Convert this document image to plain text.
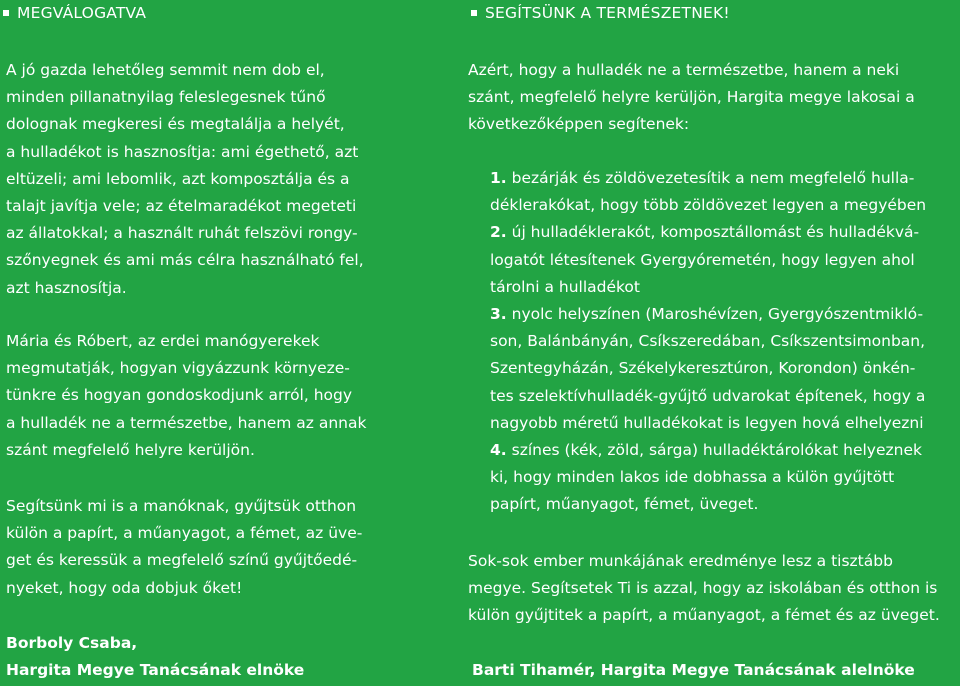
MEGVÁLOGATVA

A jó gazda lehetőleg semmit nem dob el,
minden pillanatnyilag feleslegesnek tűnő
dolognak megkeresi és megtalálja a helyét,
a hulladékot is hasznosítja: ami égethető, azt
eltüzeli; ami lebomlik, azt komposztálja és a
talajt javítja vele; az ételmaradékot megeteti
az állatokkal; a használt ruhát felszövi rongy-
szőnyegnek és ami más célra használható fel,
azt hasznosítja.

Mária és Róbert, az erdei manógyerekek
megmutatják, hogyan vigyázzunk környeze-
tünkre és hogyan gondoskodjunk arról, hogy
a hulladék ne a természetbe, hanem az annak
szánt megfelelő helyre kerüljön.

Segítsünk mi is a manóknak, gyűjtsük otthon
külön a papírt, a műanyagot, a fémet, az üve-
get és keressük a megfelelő színű gyűjtőedé-
nyeket, hogy oda dobjuk őket!

Borboly Csaba,
Hargita Megye Tanácsának elnöke
SEGÍTSÜNK A TERMÉSZETNEK!

Azért, hogy a hulladék ne a természetbe, hanem a neki
szánt, megfelelő helyre kerüljön, Hargita megye lakosai a
következőképpen segítenek:

1. bezárják és zöldövezetesítik a nem megfelelő hulla-
déklerakókat, hogy több zöldövezet legyen a megyében
2. új hulladéklerakót, komposztállomást és hulladékvá-
logatót létesítenek Gyergyóremetén, hogy legyen ahol
tárolni a hulladékot
3. nyolc helyszínen (Maroshévízen, Gyergyószentmikló-
son, Balánbányán, Csíkszeredában, Csíkszentsimonban,
Szentegyházán, Székelykeresztúron, Korondon) önkén-
tes szelektívhulladék-gyűjtő udvarokat építenek, hogy a
nagyobb méretű hulladékokat is legyen hová elhelyezni
4. színes (kék, zöld, sárga) hulladéktárolókat helyeznek
ki, hogy minden lakos ide dobhassa a külön gyűjtött
papírt, műanyagot, fémet, üveget.

Sok-sok ember munkájának eredménye lesz a tisztább
megye. Segítsetek Ti is azzal, hogy az iskolában és otthon is
külön gyűjtitek a papírt, a műanyagot, a fémet és az üveget.

Barti Tihamér, Hargita Megye Tanácsának alelnöke
